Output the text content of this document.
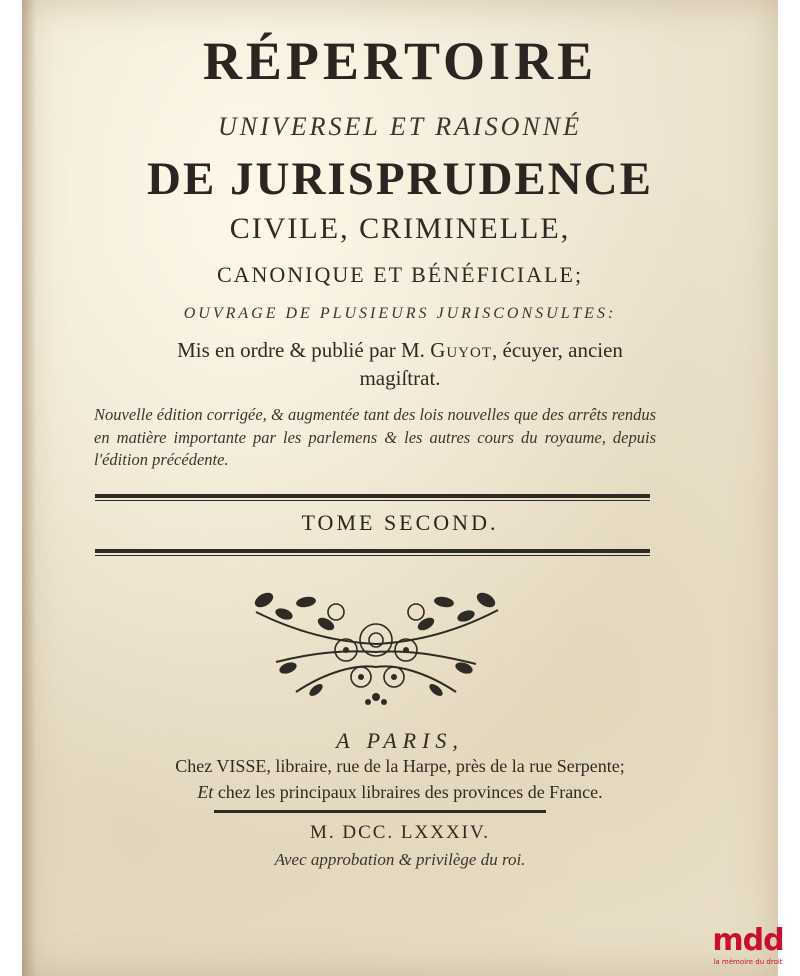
RÉPERTOIRE
UNIVERSEL ET RAISONNÉ
DE JURISPRUDENCE
CIVILE, CRIMINELLE,
CANONIQUE ET BÉNÉFICIALE;
OUVRAGE DE PLUSIEURS JURISCONSULTES:
Mis en ordre & publié par M. Guyot, écuyer, ancien
magiſtrat.

Nouvelle édition corrigée, & augmentée tant des lois nouvelles que des arrêts rendus en matière importante par les parlemens & les autres cours du royaume, depuis l'édition précédente.

TOME SECOND.
A PARIS,
Chez VISSE, libraire, rue de la Harpe, près de la rue Serpente;
Et chez les principaux libraires des provinces de France.
M. DCC. LXXXIV.
Avec approbation & privilège du roi.
mdd
la mémoire du droit
